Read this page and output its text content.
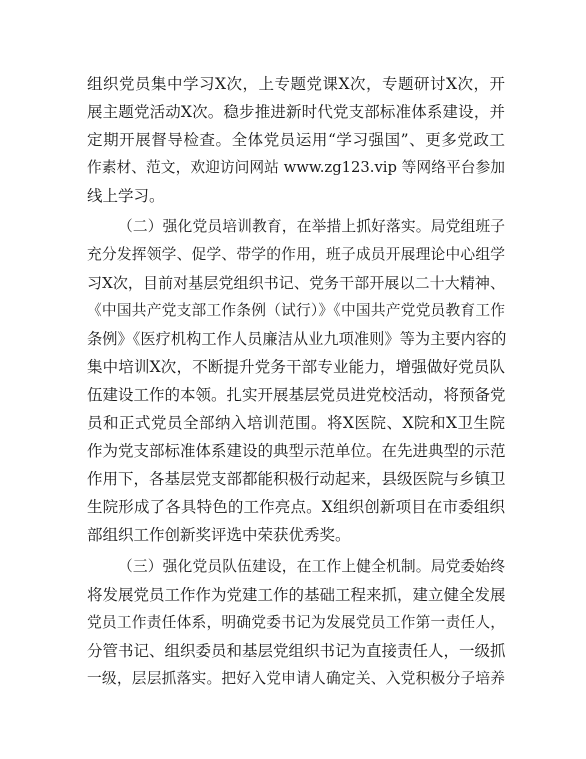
组织党员集中学习X次，上专题党课X次，专题研讨X次，开
展主题党活动X次。稳步推进新时代党支部标准体系建设，并
定期开展督导检查。全体党员运用“学习强国”、更多党政工
作素材、范文，欢迎访问网站 www.zg123.vip 等网络平台参加
线上学习。
（二）强化党员培训教育，在举措上抓好落实。局党组班子
充分发挥领学、促学、带学的作用，班子成员开展理论中心组学
习X次，目前对基层党组织书记、党务干部开展以二十大精神、
《中国共产党支部工作条例（试行）》《中国共产党党员教育工作
条例》《医疗机构工作人员廉洁从业九项准则》等为主要内容的
集中培训X次，不断提升党务干部专业能力，增强做好党员队
伍建设工作的本领。扎实开展基层党员进党校活动，将预备党
员和正式党员全部纳入培训范围。将X医院、X院和X卫生院
作为党支部标准体系建设的典型示范单位。在先进典型的示范
作用下，各基层党支部都能积极行动起来，县级医院与乡镇卫
生院形成了各具特色的工作亮点。X组织创新项目在市委组织
部组织工作创新奖评选中荣获优秀奖。
（三）强化党员队伍建设，在工作上健全机制。局党委始终
将发展党员工作作为党建工作的基础工程来抓，建立健全发展
党员工作责任体系，明确党委书记为发展党员工作第一责任人，
分管书记、组织委员和基层党组织书记为直接责任人，一级抓
一级，层层抓落实。把好入党申请人确定关、入党积极分子培养
